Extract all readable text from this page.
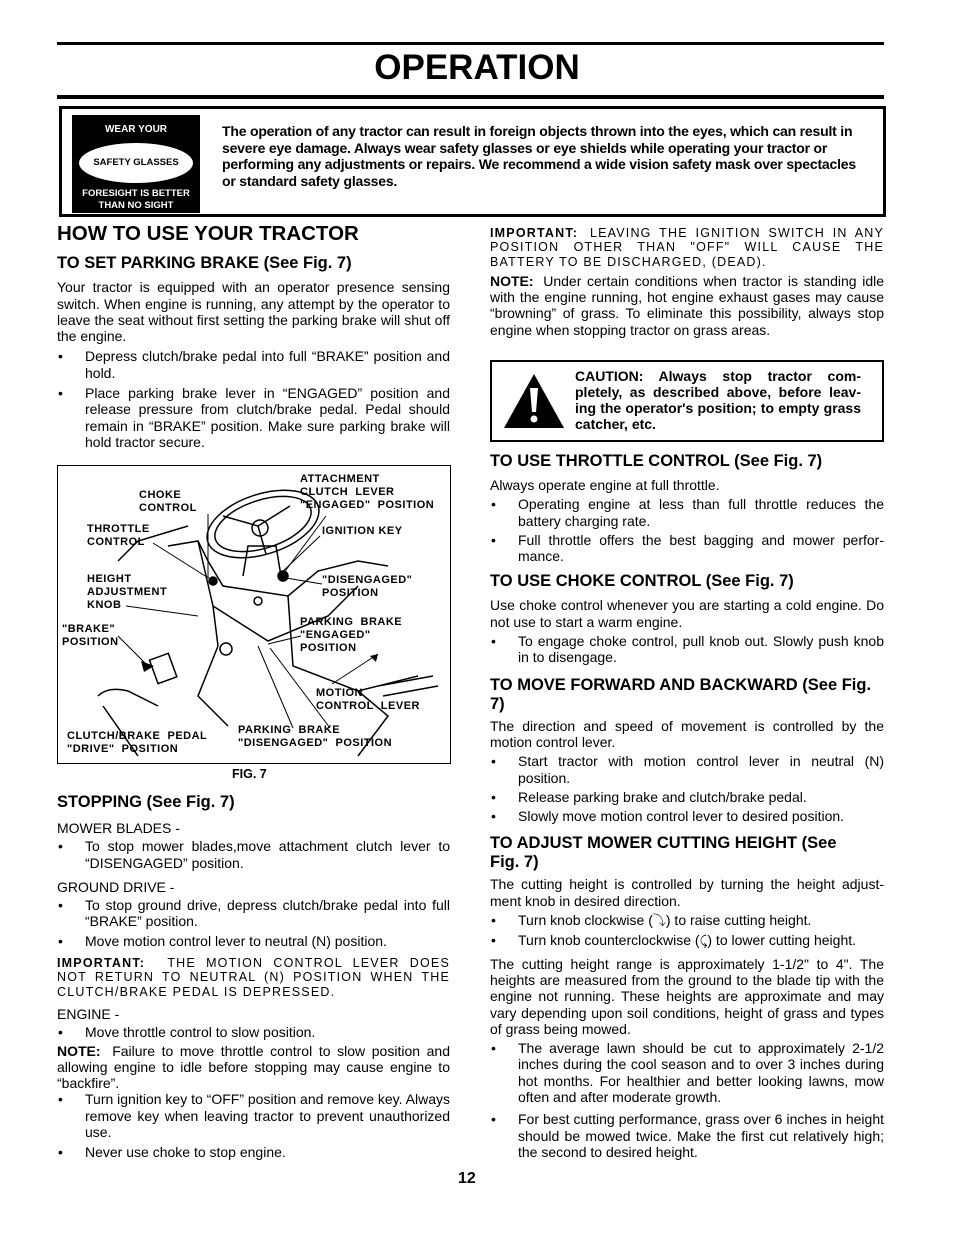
OPERATION
WEAR YOUR
SAFETY GLASSES
FORESIGHT IS BETTER
THAN NO SIGHT
The operation of any tractor can result in foreign objects thrown into the eyes, which can result in severe eye damage. Always wear safety glasses or eye shields while operating your tractor or performing any adjustments or repairs. We recommend a wide vision safety mask over spectacles or standard safety glasses.
HOW TO USE YOUR TRACTOR
TO SET PARKING BRAKE (See Fig. 7)

Your tractor is equipped with an operator presence sensing switch. When engine is running, any attempt by the operator to leave the seat without first setting the parking brake will shut off the engine.

• Depress clutch/brake pedal into full “BRAKE” position and hold.
• Place parking brake lever in “ENGAGED” position and release pressure from clutch/brake pedal. Pedal should remain in “BRAKE” position. Make sure parking brake will hold tractor secure.
ATTACHMENT
CLUTCH  LEVER
"ENGAGED"  POSITION
CHOKE
CONTROL
THROTTLE
CONTROL
IGNITION KEY
HEIGHT
ADJUSTMENT
KNOB
"DISENGAGED"
POSITION
"BRAKE"
POSITION
PARKING  BRAKE
"ENGAGED"
POSITION
MOTION
CONTROL  LEVER
CLUTCH/BRAKE  PEDAL
"DRIVE"  POSITION
PARKING  BRAKE
"DISENGAGED"  POSITION
FIG. 7
STOPPING (See Fig. 7)
MOWER BLADES -
• To stop mower blades,move attachment clutch lever to “DISENGAGED” position.
GROUND DRIVE -
• To stop ground drive, depress clutch/brake pedal into full “BRAKE” position.
• Move motion control lever to neutral (N) position.
IMPORTANT: THE MOTION CONTROL LEVER DOES NOT RETURN TO NEUTRAL (N) POSITION WHEN THE CLUTCH/BRAKE PEDAL IS DEPRESSED.
ENGINE -
• Move throttle control to slow position.

NOTE: Failure to move throttle control to slow position and allowing engine to idle before stopping may cause engine to “backfire”.

• Turn ignition key to “OFF” position and remove key. Always remove key when leaving tractor to prevent unauthorized use.
• Never use choke to stop engine.
IMPORTANT: LEAVING THE IGNITION SWITCH IN ANY POSITION OTHER THAN "OFF" WILL CAUSE THE BATTERY TO BE DISCHARGED, (DEAD).

NOTE: Under certain conditions when tractor is standing idle with the engine running, hot engine exhaust gases may cause “browning” of grass. To eliminate this possibility, always stop engine when stopping tractor on grass areas.

CAUTION: Always stop tractor com-pletely, as described above, before leav-ing the operator's position; to empty grass catcher, etc.
TO USE THROTTLE CONTROL (See Fig. 7)

Always operate engine at full throttle.

• Operating engine at less than full throttle reduces the battery charging rate.
• Full throttle offers the best bagging and mower perfor-mance.
TO USE CHOKE CONTROL (See Fig. 7)

Use choke control whenever you are starting a cold engine. Do not use to start a warm engine.

• To engage choke control, pull knob out. Slowly push knob in to disengage.
TO MOVE FORWARD AND BACKWARD (See Fig. 7)

The direction and speed of movement is controlled by the motion control lever.

• Start tractor with motion control lever in neutral (N) position.
• Release parking brake and clutch/brake pedal.
• Slowly move motion control lever to desired position.
TO ADJUST MOWER CUTTING HEIGHT (See Fig. 7)

The cutting height is controlled by turning the height adjust-ment knob in desired direction.

• Turn knob clockwise (⤵) to raise cutting height.
• Turn knob counterclockwise (⤹) to lower cutting height.

The cutting height range is approximately 1-1/2" to 4". The heights are measured from the ground to the blade tip with the engine not running. These heights are approximate and may vary depending upon soil conditions, height of grass and types of grass being mowed.

• The average lawn should be cut to approximately 2-1/2 inches during the cool season and to over 3 inches during hot months. For healthier and better looking lawns, mow often and after moderate growth.
• For best cutting performance, grass over 6 inches in height should be mowed twice. Make the first cut relatively high; the second to desired height.
12
